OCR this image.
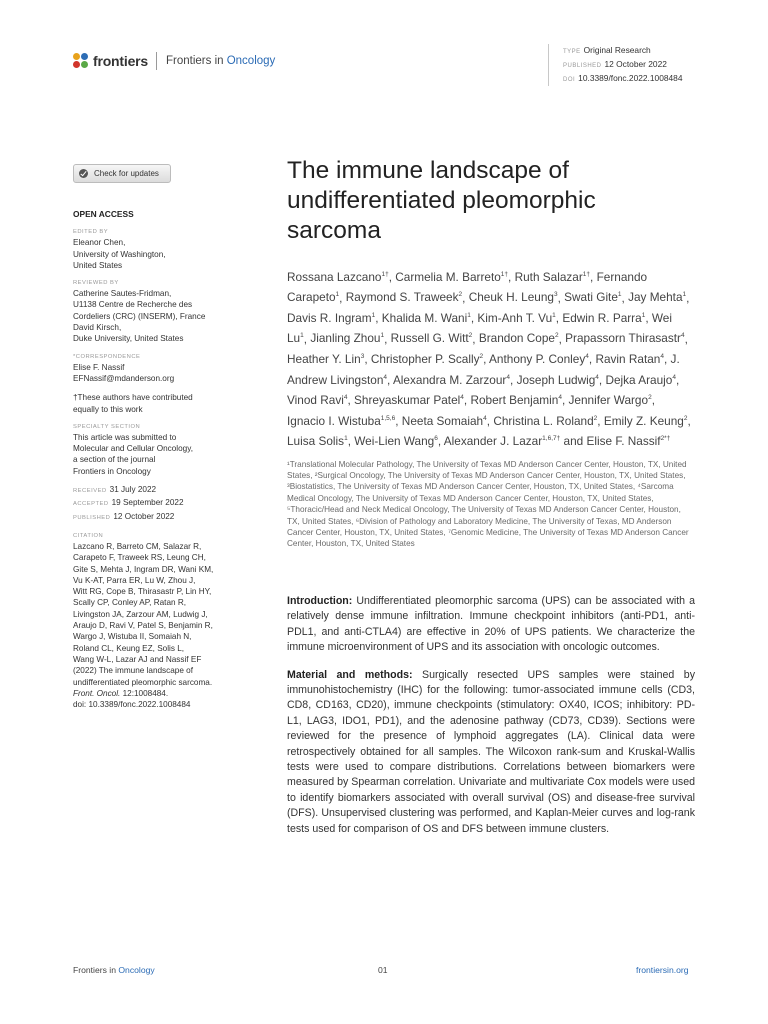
frontiers Frontiers in Oncology
TYPE Original Research
PUBLISHED 12 October 2022
DOI 10.3389/fonc.2022.1008484
Check for updates
OPEN ACCESS
EDITED BY
Eleanor Chen,
University of Washington,
United States
REVIEWED BY
Catherine Sautes-Fridman,
U1138 Centre de Recherche des
Cordeliers (CRC) (INSERM), France
David Kirsch,
Duke University, United States
*CORRESPONDENCE
Elise F. Nassif
EFNassif@mdanderson.org
†These authors have contributed
equally to this work
SPECIALTY SECTION
This article was submitted to
Molecular and Cellular Oncology,
a section of the journal
Frontiers in Oncology
RECEIVED 31 July 2022
ACCEPTED 19 September 2022
PUBLISHED 12 October 2022
CITATION
Lazcano R, Barreto CM, Salazar R,
Carapeto F, Traweek RS, Leung CH,
Gite S, Mehta J, Ingram DR, Wani KM,
Vu K-AT, Parra ER, Lu W, Zhou J,
Witt RG, Cope B, Thirasastr P, Lin HY,
Scally CP, Conley AP, Ratan R,
Livingston JA, Zarzour AM, Ludwig J,
Araujo D, Ravi V, Patel S, Benjamin R,
Wargo J, Wistuba II, Somaiah N,
Roland CL, Keung EZ, Solis L,
Wang W-L, Lazar AJ and Nassif EF
(2022) The immune landscape of
undifferentiated pleomorphic sarcoma.
Front. Oncol. 12:1008484.
doi: 10.3389/fonc.2022.1008484
The immune landscape of undifferentiated pleomorphic sarcoma
Rossana Lazcano$^{1\dagger}$, Carmelia M. Barreto$^{1\dagger}$, Ruth Salazar$^{1\dagger}$, Fernando Carapeto$^1$, Raymond S. Traweek$^2$, Cheuk H. Leung$^3$, Swati Gite$^1$, Jay Mehta$^1$, Davis R. Ingram$^1$, Khalida M. Wani$^1$, Kim-Anh T. Vu$^1$, Edwin R. Parra$^1$, Wei Lu$^1$, Jianling Zhou$^1$, Russell G. Witt$^2$, Brandon Cope$^2$, Prapassorn Thirasastr$^4$, Heather Y. Lin$^3$, Christopher P. Scally$^2$, Anthony P. Conley$^4$, Ravin Ratan$^4$, J. Andrew Livingston$^4$, Alexandra M. Zarzour$^4$, Joseph Ludwig$^4$, Dejka Araujo$^4$, Vinod Ravi$^4$, Shreyaskumar Patel$^4$, Robert Benjamin$^4$, Jennifer Wargo$^2$, Ignacio I. Wistuba$^{1,5,6}$, Neeta Somaiah$^4$, Christina L. Roland$^2$, Emily Z. Keung$^2$, Luisa Solis$^1$, Wei-Lien Wang$^6$, Alexander J. Lazar$^{1,6,7\dagger}$ and Elise F. Nassif$^{2*\dagger}$
¹Translational Molecular Pathology, The University of Texas MD Anderson Cancer Center, Houston, TX, United States, ²Surgical Oncology, The University of Texas MD Anderson Cancer Center, Houston, TX, United States, ³Biostatistics, The University of Texas MD Anderson Cancer Center, Houston, TX, United States, ⁴Sarcoma Medical Oncology, The University of Texas MD Anderson Cancer Center, Houston, TX, United States, ⁵Thoracic/Head and Neck Medical Oncology, The University of Texas MD Anderson Cancer Center, Houston, TX, United States, ⁶Division of Pathology and Laboratory Medicine, The University of Texas, MD Anderson Cancer Center, Houston, TX, United States, ⁷Genomic Medicine, The University of Texas MD Anderson Cancer Center, Houston, TX, United States

Introduction: Undifferentiated pleomorphic sarcoma (UPS) can be associated with a relatively dense immune infiltration. Immune checkpoint inhibitors (anti-PD1, anti-PDL1, and anti-CTLA4) are effective in 20% of UPS patients. We characterize the immune microenvironment of UPS and its association with oncologic outcomes.

Material and methods: Surgically resected UPS samples were stained by immunohistochemistry (IHC) for the following: tumor-associated immune cells (CD3, CD8, CD163, CD20), immune checkpoints (stimulatory: OX40, ICOS; inhibitory: PD-L1, LAG3, IDO1, PD1), and the adenosine pathway (CD73, CD39). Sections were reviewed for the presence of lymphoid aggregates (LA). Clinical data were retrospectively obtained for all samples. The Wilcoxon rank-sum and Kruskal-Wallis tests were used to compare distributions. Correlations between biomarkers were measured by Spearman correlation. Univariate and multivariate Cox models were used to identify biomarkers associated with overall survival (OS) and disease-free survival (DFS). Unsupervised clustering was performed, and Kaplan-Meier curves and log-rank tests used for comparison of OS and DFS between immune clusters.

Frontiers in Oncology	01	frontiersin.org
